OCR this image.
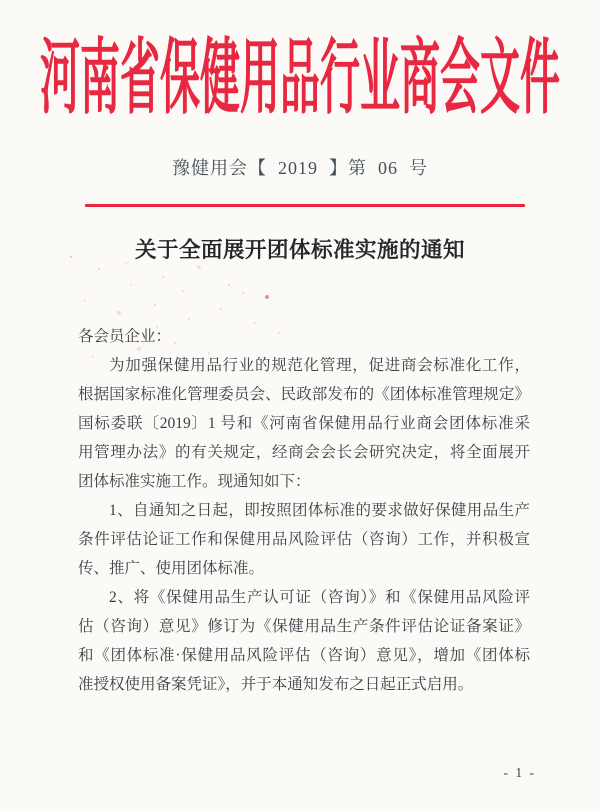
河南省保健用品行业商会文件
豫健用会【  2019  】第  06  号
关于全面展开团体标准实施的通知
各会员企业：
为加强保健用品行业的规范化管理，促进商会标准化工作，
根据国家标准化管理委员会、民政部发布的《团体标准管理规定》
国标委联〔2019〕1 号和《河南省保健用品行业商会团体标准采
用管理办法》的有关规定，经商会会长会研究决定，将全面展开
团体标准实施工作。现通知如下：
1、自通知之日起，即按照团体标准的要求做好保健用品生产
条件评估论证工作和保健用品风险评估（咨询）工作，并积极宣
传、推广、使用团体标准。
2、将《保健用品生产认可证（咨询）》和《保健用品风险评
估（咨询）意见》修订为《保健用品生产条件评估论证备案证》
和《团体标准·保健用品风险评估（咨询）意见》，增加《团体标
准授权使用备案凭证》，并于本通知发布之日起正式启用。
- 1 -
